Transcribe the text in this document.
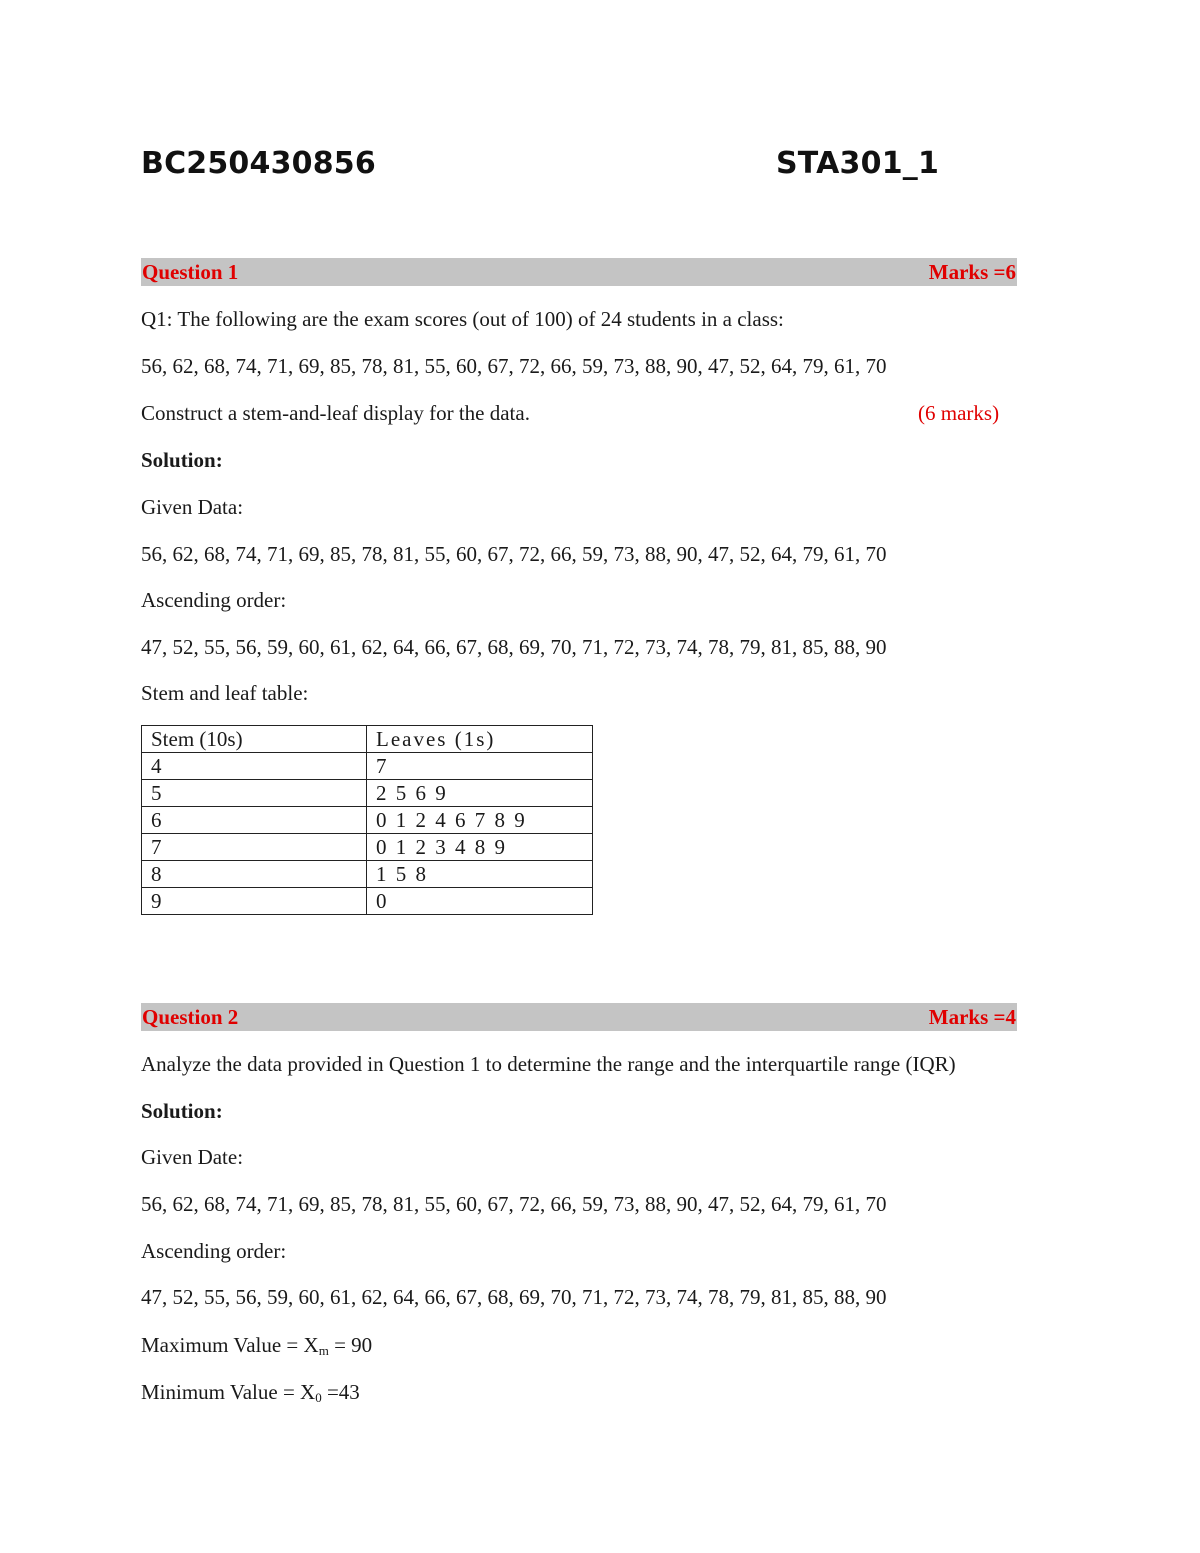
BC250430856	STA301_1
Question 1	Marks =6
Q1: The following are the exam scores (out of 100) of 24 students in a class:
56, 62, 68, 74, 71, 69, 85, 78, 81, 55, 60, 67, 72, 66, 59, 73, 88, 90, 47, 52, 64, 79, 61, 70
Construct a stem-and-leaf display for the data.	(6 marks)
Solution:
Given Data:
56, 62, 68, 74, 71, 69, 85, 78, 81, 55, 60, 67, 72, 66, 59, 73, 88, 90, 47, 52, 64, 79, 61, 70
Ascending order:
47, 52, 55, 56, 59, 60, 61, 62, 64, 66, 67, 68, 69, 70, 71, 72, 73, 74, 78, 79, 81, 85, 88, 90
Stem and leaf table:
Stem (10s)	Leaves (1s)
4	7
5	2 5 6 9
6	0 1 2 4 6 7 8 9
7	0 1 2 3 4 8 9
8	1 5 8
9	0
Question 2	Marks =4
Analyze the data provided in Question 1 to determine the range and the interquartile range (IQR)
Solution:
Given Date:
56, 62, 68, 74, 71, 69, 85, 78, 81, 55, 60, 67, 72, 66, 59, 73, 88, 90, 47, 52, 64, 79, 61, 70
Ascending order:
47, 52, 55, 56, 59, 60, 61, 62, 64, 66, 67, 68, 69, 70, 71, 72, 73, 74, 78, 79, 81, 85, 88, 90
Maximum Value = $X_m = 90$
Minimum Value = $X_0 =43$
